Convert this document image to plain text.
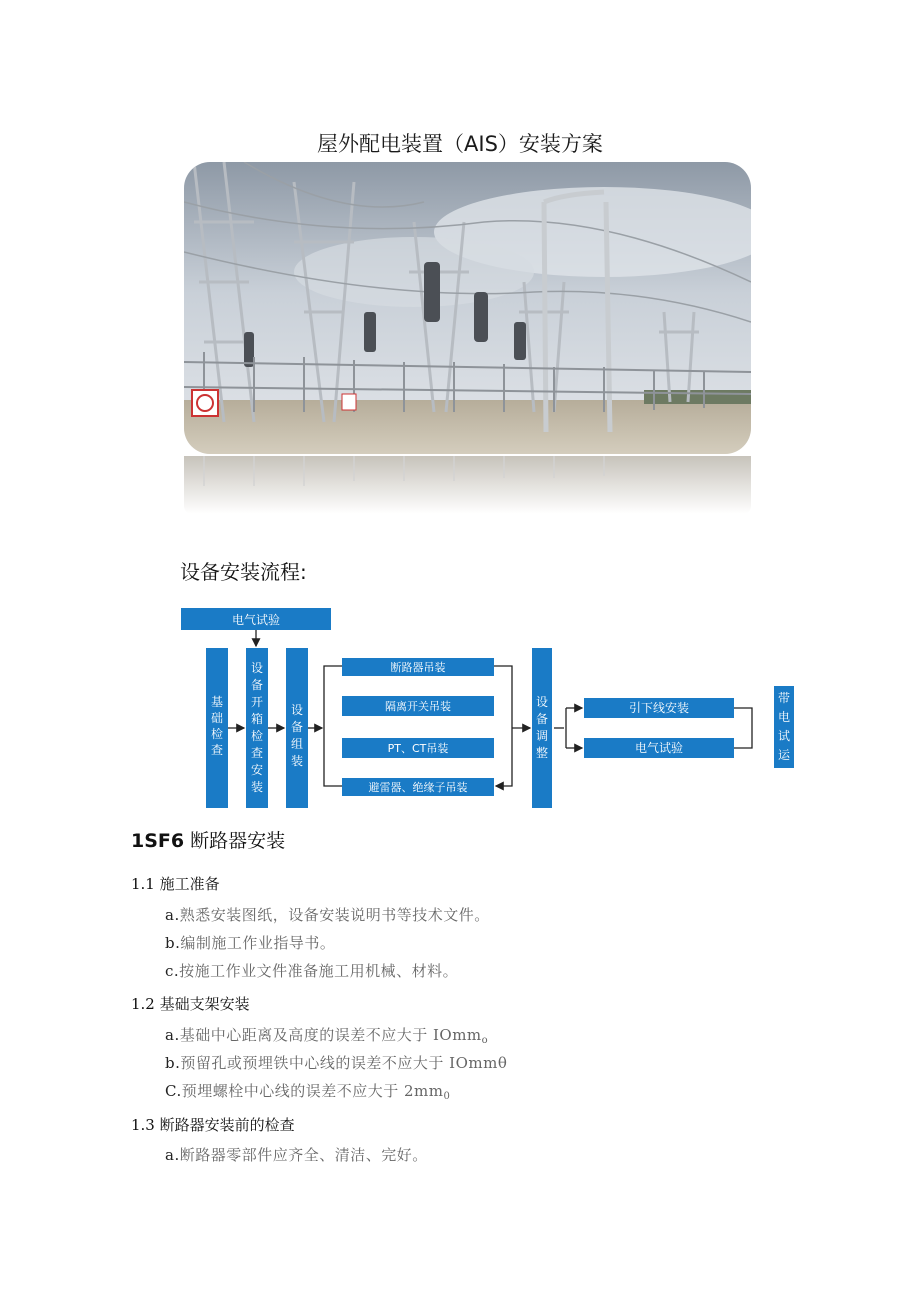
屋外配电装置（AIS）安装方案
设备安装流程:
电气试验
基础检查
设备开箱检查安装
设备组装
断路器吊装
隔离开关吊装
PT、CT吊装
避雷器、绝缘子吊装
设备调整
引下线安装
电气试验
带电试运
1SF6 断路器安装
1.1 施工准备
a.熟悉安装图纸，设备安装说明书等技术文件。
b.编制施工作业指导书。
c.按施工作业文件准备施工用机械、材料。
1.2 基础支架安装
a.基础中心距离及高度的误差不应大于 IOmm$_o$
b.预留孔或预埋铁中心线的误差不应大于 IOmmθ
C.预埋螺栓中心线的误差不应大于 $2mm_0$
1.3 断路器安装前的检查
a.断路器零部件应齐全、清洁、完好。
